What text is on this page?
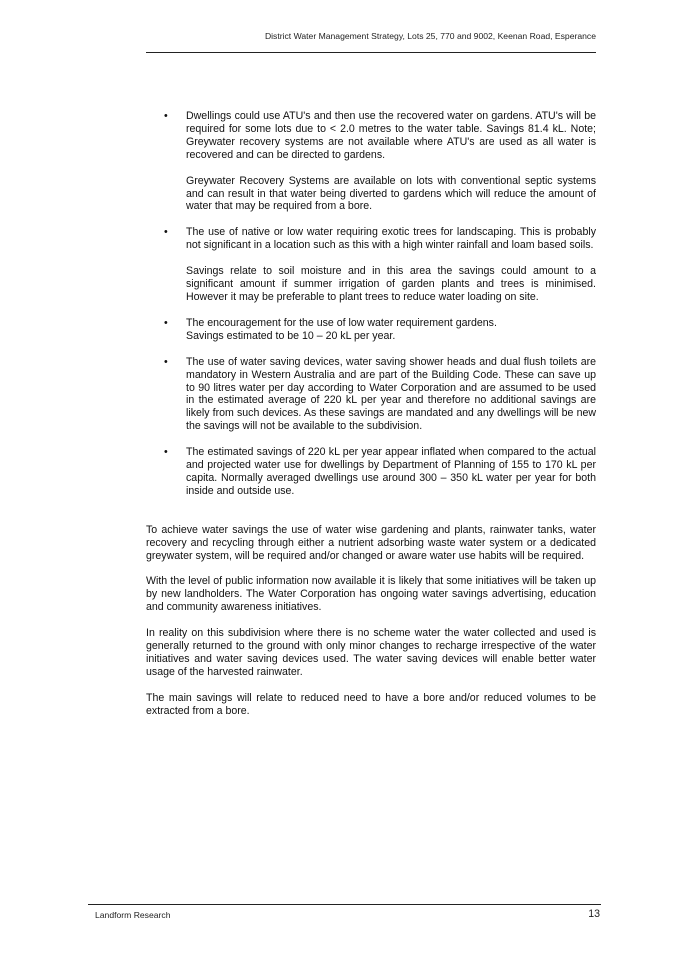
District Water Management Strategy, Lots 25, 770 and 9002, Keenan Road, Esperance
• Dwellings could use ATU's and then use the recovered water on gardens. ATU's will be required for some lots due to < 2.0 metres to the water table. Savings 81.4 kL. Note; Greywater recovery systems are not available where ATU's are used as all water is recovered and can be directed to gardens.

Greywater Recovery Systems are available on lots with conventional septic systems and can result in that water being diverted to gardens which will reduce the amount of water that may be required from a bore.

• The use of native or low water requiring exotic trees for landscaping. This is probably not significant in a location such as this with a high winter rainfall and loam based soils.

Savings relate to soil moisture and in this area the savings could amount to a significant amount if summer irrigation of garden plants and trees is minimised. However it may be preferable to plant trees to reduce water loading on site.

• The encouragement for the use of low water requirement gardens.
Savings estimated to be 10 – 20 kL per year.

• The use of water saving devices, water saving shower heads and dual flush toilets are mandatory in Western Australia and are part of the Building Code. These can save up to 90 litres water per day according to Water Corporation and are assumed to be used in the estimated average of 220 kL per year and therefore no additional savings are likely from such devices. As these savings are mandated and any dwellings will be new the savings will not be available to the subdivision.

• The estimated savings of 220 kL per year appear inflated when compared to the actual and projected water use for dwellings by Department of Planning of 155 to 170 kL per capita. Normally averaged dwellings use around 300 – 350 kL water per year for both inside and outside use.

To achieve water savings the use of water wise gardening and plants, rainwater tanks, water recovery and recycling through either a nutrient adsorbing waste water system or a dedicated greywater system, will be required and/or changed or aware water use habits will be required.

With the level of public information now available it is likely that some initiatives will be taken up by new landholders. The Water Corporation has ongoing water savings advertising, education and community awareness initiatives.

In reality on this subdivision where there is no scheme water the water collected and used is generally returned to the ground with only minor changes to recharge irrespective of the water initiatives and water saving devices used. The water saving devices will enable better water usage of the harvested rainwater.

The main savings will relate to reduced need to have a bore and/or reduced volumes to be extracted from a bore.

Landform Research	13
